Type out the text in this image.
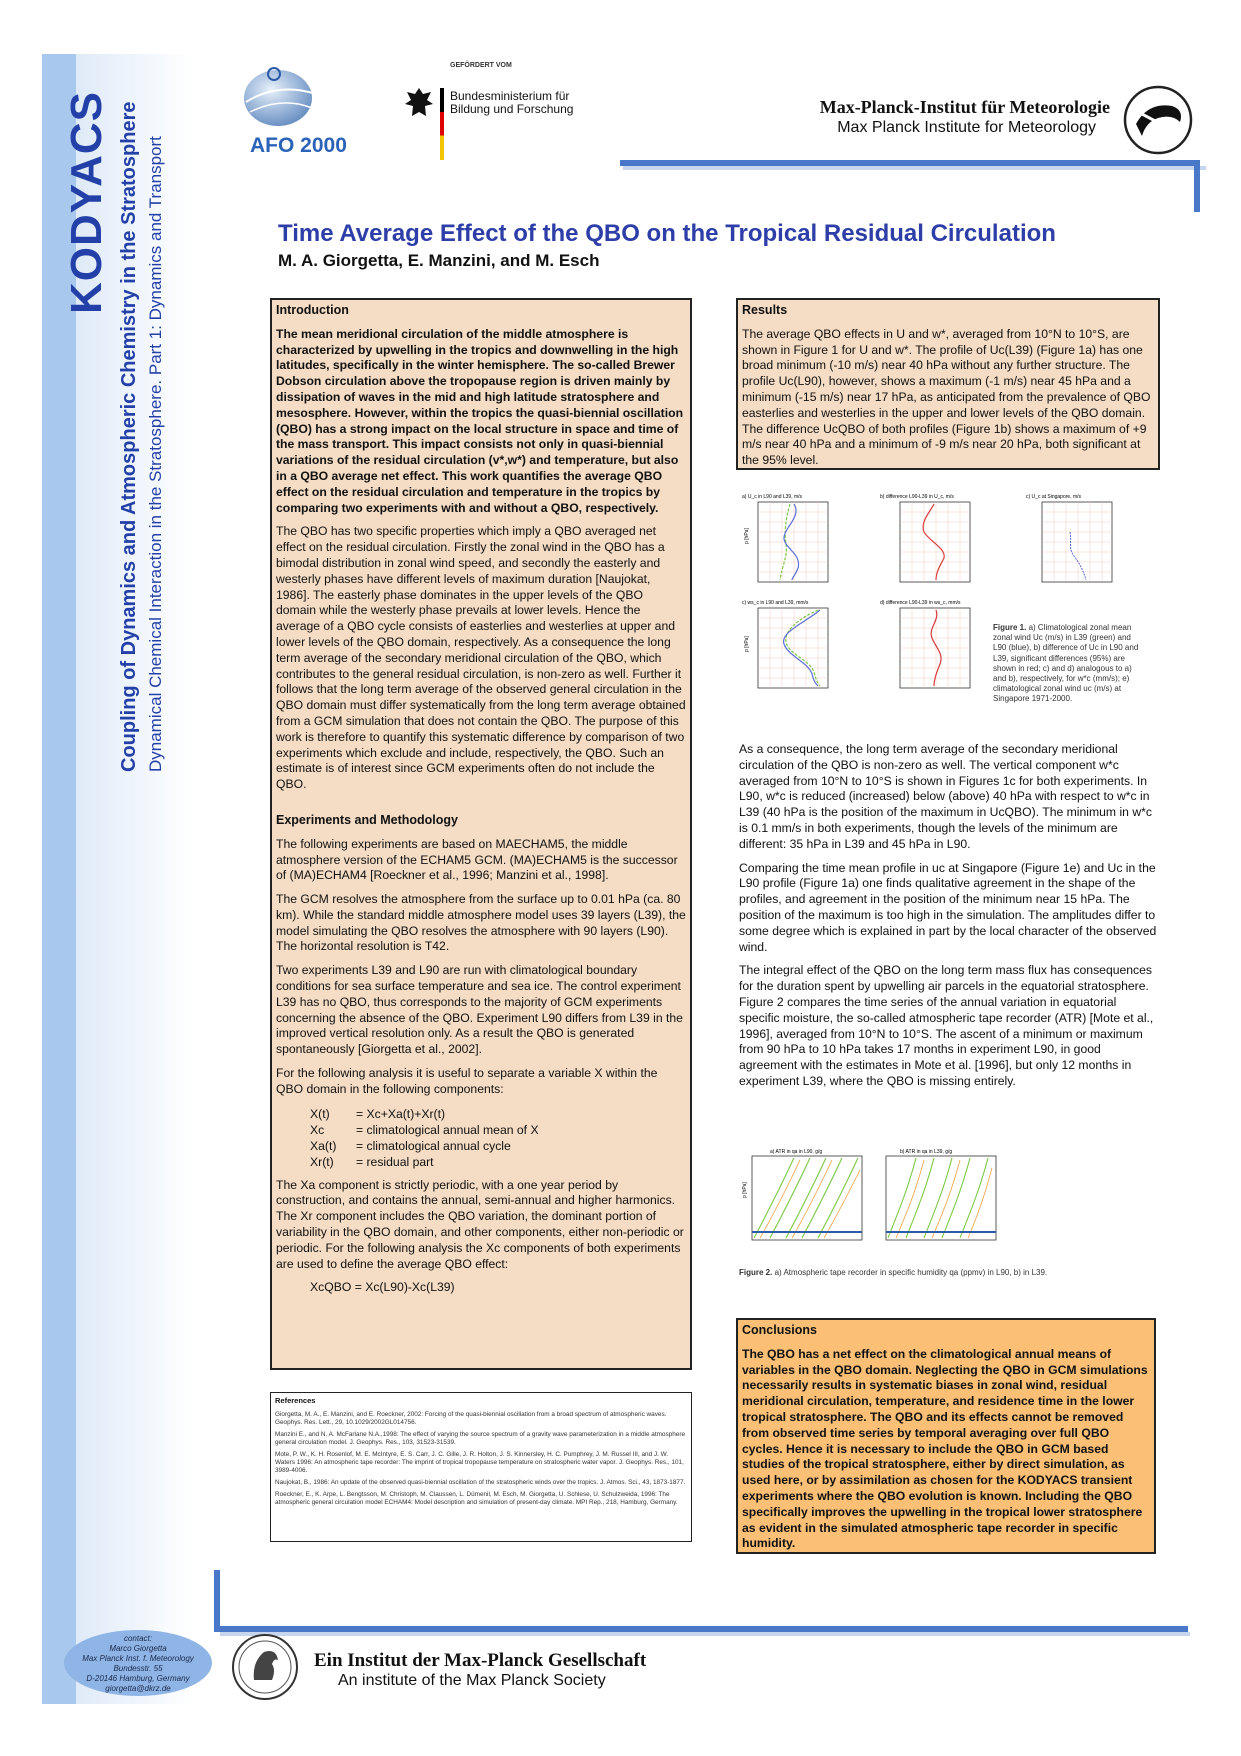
KODYACS Coupling of Dynamics and Atmospheric Chemistry in the Stratosphere Dynamical Chemical Interaction in the Stratosphere. Part 1: Dynamics and Transport
contact:
Marco Giorgetta
Max Planck Inst. f. Meteorology
Bundesstr. 55
D-20146 Hamburg, Germany
giorgetta@dkrz.de
AFO 2000
GEFÖRDERT VOM
Bundesministerium für Bildung und Forschung	Max-Planck-Institut für Meteorologie
Max Planck Institute for Meteorology
Time Average Effect of the QBO on the Tropical Residual Circulation
M. A. Giorgetta, E. Manzini, and M. Esch
Introduction

The mean meridional circulation of the middle atmosphere is characterized by upwelling in the tropics and downwelling in the high latitudes, specifically in the winter hemisphere. The so-called Brewer Dobson circulation above the tropopause region is driven mainly by dissipation of waves in the mid and high latitude stratosphere and mesosphere. However, within the tropics the quasi-biennial oscillation (QBO) has a strong impact on the local structure in space and time of the mass transport. This impact consists not only in quasi-biennial variations of the residual circulation (v*,w*) and temperature, but also in a QBO average net effect. This work quantifies the average QBO effect on the residual circulation and temperature in the tropics by comparing two experiments with and without a QBO, respectively.

The QBO has two specific properties which imply a QBO averaged net effect on the residual circulation. Firstly the zonal wind in the QBO has a bimodal distribution in zonal wind speed, and secondly the easterly and westerly phases have different levels of maximum duration [Naujokat, 1986]. The easterly phase dominates in the upper levels of the QBO domain while the westerly phase prevails at lower levels. Hence the average of a QBO cycle consists of easterlies and westerlies at upper and lower levels of the QBO domain, respectively. As a consequence the long term average of the secondary meridional circulation of the QBO, which contributes to the general residual circulation, is non-zero as well. Further it follows that the long term average of the observed general circulation in the QBO domain must differ systematically from the long term average obtained from a GCM simulation that does not contain the QBO. The purpose of this work is therefore to quantify this systematic difference by comparison of two experiments which exclude and include, respectively, the QBO. Such an estimate is of interest since GCM experiments often do not include the QBO.

Experiments and Methodology

The following experiments are based on MAECHAM5, the middle atmosphere version of the ECHAM5 GCM. (MA)ECHAM5 is the successor of (MA)ECHAM4 [Roeckner et al., 1996; Manzini et al., 1998].

The GCM resolves the atmosphere from the surface up to 0.01 hPa (ca. 80 km). While the standard middle atmosphere model uses 39 layers (L39), the model simulating the QBO resolves the atmosphere with 90 layers (L90). The horizontal resolution is T42.

Two experiments L39 and L90 are run with climatological boundary conditions for sea surface temperature and sea ice. The control experiment L39 has no QBO, thus corresponds to the majority of GCM experiments concerning the absence of the QBO. Experiment L90 differs from L39 in the improved vertical resolution only. As a result the QBO is generated spontaneously [Giorgetta et al., 2002].

For the following analysis it is useful to separate a variable X within the QBO domain in the following components:

X(t)	= Xc+Xa(t)+Xr(t)
Xc	= climatological annual mean of X
Xa(t)	= climatological annual cycle
Xr(t)	= residual part

The Xa component is strictly periodic, with a one year period by construction, and contains the annual, semi-annual and higher harmonics. The Xr component includes the QBO variation, the dominant portion of variability in the QBO domain, and other components, either non-periodic or periodic. For the following analysis the Xc components of both experiments are used to define the average QBO effect:

XcQBO = Xc(L90)-Xc(L39)
References

Giorgetta, M. A., E. Manzini, and E. Roeckner, 2002: Forcing of the quasi-biennial oscillation from a broad spectrum of atmospheric waves. Geophys. Res. Lett., 29, 10.1029/2002GL014756.

Manzini E., and N. A. McFarlane N.A.,1998: The effect of varying the source spectrum of a gravity wave parameterization in a middle atmosphere general circulation model. J. Geophys. Res., 103, 31523-31539.

Mote, P. W., K. H. Rosenlof, M. E. McIntyre, E. S. Carr, J. C. Gille, J. R. Holton, J. S. Kinnersley, H. C. Pumphrey, J. M. Russel III, and J. W. Waters 1996: An atmospheric tape recorder: The imprint of tropical tropopause temperature on stratospheric water vapor. J. Geophys. Res., 101, 3989-4006.

Naujokat, B., 1986: An update of the observed quasi-biennial oscillation of the stratospheric winds over the tropics. J. Atmos. Sci., 43, 1873-1877.

Roeckner, E., K. Arpe, L. Bengtsson, M. Christoph, M. Claussen, L. Dümenil, M. Esch, M. Giorgetta, U. Schlese, U. Schulzweida, 1996: The atmospheric general circulation model ECHAM4: Model description and simulation of present-day climate. MPI Rep., 218, Hamburg, Germany.

Results

The average QBO effects in U and w*, averaged from 10°N to 10°S, are shown in Figure 1 for U and w*. The profile of Uc(L39) (Figure 1a) has one broad minimum (-10 m/s) near 40 hPa without any further structure. The profile Uc(L90), however, shows a maximum (-1 m/s) near 45 hPa and a minimum (-15 m/s) near 17 hPa, as anticipated from the prevalence of QBO easterlies and westerlies in the upper and lower levels of the QBO domain. The difference UcQBO of both profiles (Figure 1b) shows a maximum of +9 m/s near 40 hPa and a minimum of -9 m/s near 20 hPa, both significant at the 95% level.

a) U_c in L90 and L39, m/s
p [hPa]
b) difference L90-L39 in U_c, m/s	c) U_c at Singapore, m/s
c) ws_c in L90 and L39, mm/s
p [hPa]
d) difference L90-L39 in ws_c, mm/s
Figure 1. a) Climatological zonal mean zonal wind Uc (m/s) in L39 (green) and L90 (blue), b) difference of Uc in L90 and L39, significant differences (95%) are shown in red; c) and d) analogous to a) and b), respectively, for w*c (mm/s); e) climatological zonal wind uc (m/s) at Singapore 1971-2000.

As a consequence, the long term average of the secondary meridional circulation of the QBO is non-zero as well. The vertical component w*c averaged from 10°N to 10°S is shown in Figures 1c for both experiments. In L90, w*c is reduced (increased) below (above) 40 hPa with respect to w*c in L39 (40 hPa is the position of the maximum in UcQBO). The minimum in w*c is 0.1 mm/s in both experiments, though the levels of the minimum are different: 35 hPa in L39 and 45 hPa in L90.

Comparing the time mean profile in uc at Singapore (Figure 1e) and Uc in the L90 profile (Figure 1a) one finds qualitative agreement in the shape of the profiles, and agreement in the position of the minimum near 15 hPa. The position of the maximum is too high in the simulation. The amplitudes differ to some degree which is explained in part by the local character of the observed wind.

The integral effect of the QBO on the long term mass flux has consequences for the duration spent by upwelling air parcels in the equatorial stratosphere. Figure 2 compares the time series of the annual variation in equatorial specific moisture, the so-called atmospheric tape recorder (ATR) [Mote et al., 1996], averaged from 10°N to 10°S. The ascent of a minimum or maximum from 90 hPa to 10 hPa takes 17 months in experiment L90, in good agreement with the estimates in Mote et al. [1996], but only 12 months in experiment L39, where the QBO is missing entirely.

a) ATR in qa in L90, g/g
p [hPa]
b) ATR in qa in L39, g/g
Figure 2. a) Atmospheric tape recorder in specific humidity qa (ppmv) in L90, b) in L39.
Conclusions

The QBO has a net effect on the climatological annual means of variables in the QBO domain. Neglecting the QBO in GCM simulations necessarily results in systematic biases in zonal wind, residual meridional circulation, temperature, and residence time in the lower tropical stratosphere. The QBO and its effects cannot be removed from observed time series by temporal averaging over full QBO cycles. Hence it is necessary to include the QBO in GCM based studies of the tropical stratosphere, either by direct simulation, as used here, or by assimilation as chosen for the KODYACS transient experiments where the QBO evolution is known. Including the QBO specifically improves the upwelling in the tropical lower stratosphere as evident in the simulated atmospheric tape recorder in specific humidity.

Ein Institut der Max-Planck Gesellschaft
An institute of the Max Planck Society
